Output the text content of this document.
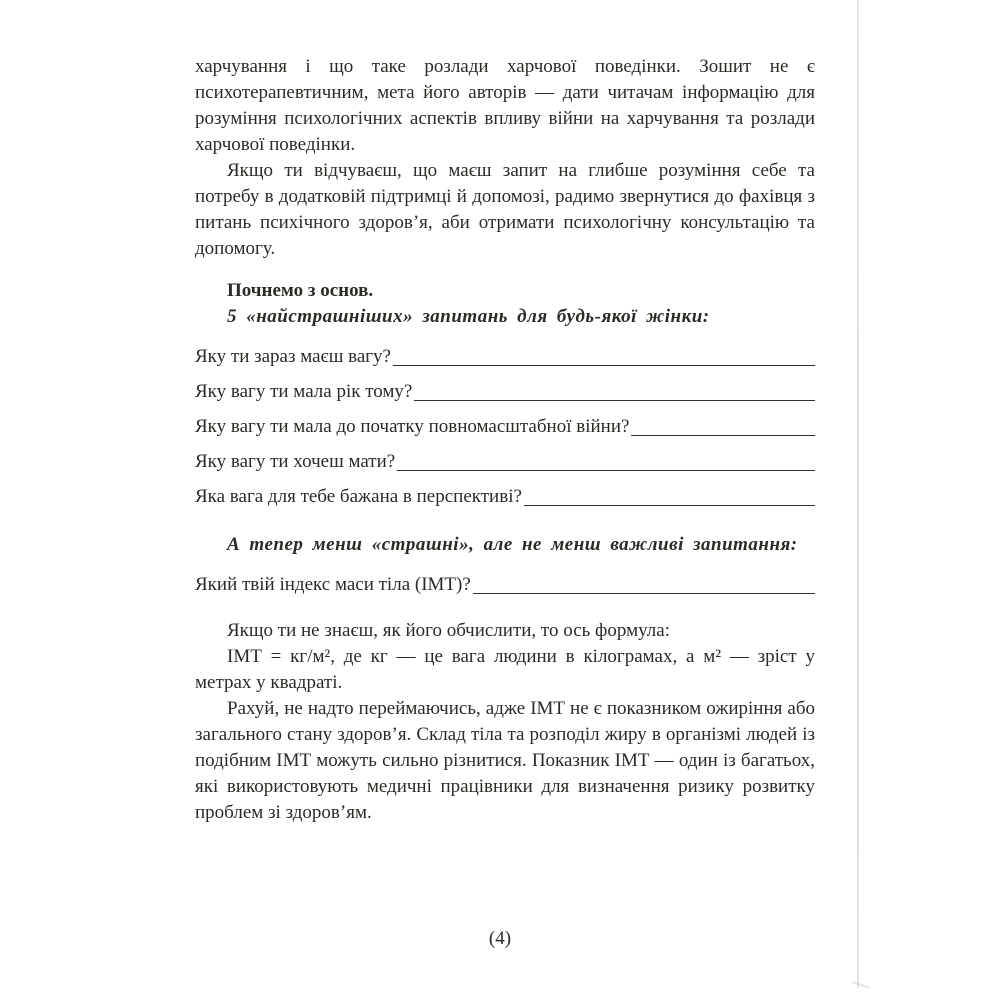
харчування і що таке розлади харчової поведінки. Зошит не є психотерапевтичним, мета його авторів — дати читачам інформацію для розуміння психологічних аспектів впливу війни на харчування та розлади харчової поведінки.

Якщо ти відчуваєш, що маєш запит на глибше розуміння себе та потребу в додатковій підтримці й допомозі, радимо звернутися до фахівця з питань психічного здоров’я, аби отримати психологічну консультацію та допомогу.

Почнемо з основ.

5 «найстрашніших» запитань для будь-якої жінки:

Яку ти зараз маєш вагу?
Яку вагу ти мала рік тому?
Яку вагу ти мала до початку повномасштабної війни?
Яку вагу ти хочеш мати?
Яка вага для тебе бажана в перспективі?

А тепер менш «страшні», але не менш важливі запитання:

Який твій індекс маси тіла (ІМТ)?

Якщо ти не знаєш, як його обчислити, то ось формула:

ІМТ = кг/м², де кг — це вага людини в кілограмах, а м² — зріст у метрах у квадраті.

Рахуй, не надто переймаючись, адже ІМТ не є показником ожиріння або загального стану здоров’я. Склад тіла та розподіл жиру в організмі людей із подібним ІМТ можуть сильно різнитися. Показник ІМТ — один із багатьох, які використовують медичні працівники для визначення ризику розвитку проблем зі здоров’ям.

(4)
